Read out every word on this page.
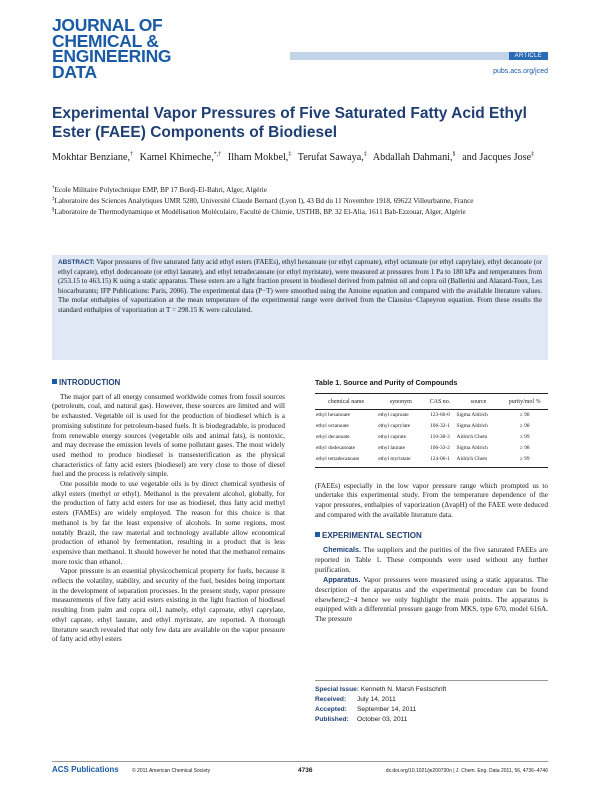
JOURNAL OF
CHEMICAL &
ENGINEERING
DATA
ARTICLE
pubs.acs.org/jced
Experimental Vapor Pressures of Five Saturated Fatty Acid Ethyl Ester (FAEE) Components of Biodiesel
Mokhtar Benziane,† Kamel Khimeche,*,† Ilham Mokbel,‡ Terufat Sawaya,‡ Abdallah Dahmani,§ and Jacques Jose‡

†Ecole Militaire Polytechnique EMP, BP 17 Bordj-El-Bahri, Alger, Algérie

‡Laboratoire des Sciences Analytiques UMR 5280, Université Claude Bernard (Lyon I), 43 Bd du 11 Novembre 1918, 69622 Villeurbanne, France

§Laboratoire de Thermodynamique et Modélisation Moléculaire, Faculté de Chimie, USTHB, BP. 32 El-Alia, 1611 Bab-Ezzouar, Alger, Algérie

ABSTRACT: Vapor pressures of five saturated fatty acid ethyl esters (FAEEs), ethyl hexanoate (or ethyl caproate), ethyl octanoate (or ethyl caprylate), ethyl decanoate (or ethyl caprate), ethyl dodecanoate (or ethyl laurate), and ethyl tetradecanoate (or ethyl myristate), were measured at pressures from 1 Pa to 180 kPa and temperatures from (253.15 to 463.15) K using a static apparatus. These esters are a light fraction present in biodiesel derived from palmist oil and copra oil (Ballerini and Alazard-Toux, Les biocarburants; IFP Publications: Paris, 2006). The experimental data (P−T) were smoothed using the Antoine equation and compared with the available literature values. The molar enthalpies of vaporization at the mean temperature of the experimental range were derived from the Clausius−Clapeyron equation. From these results the standard enthalpies of vaporization at T = 298.15 K were calculated.
INTRODUCTION

The major part of all energy consumed worldwide comes from fossil sources (petroleum, coal, and natural gas). However, these sources are limited and will be exhausted. Vegetable oil is used for the production of biodiesel which is a promising substitute for petroleum-based fuels. It is biodegradable, is produced from renewable energy sources (vegetable oils and animal fats), is nontoxic, and may decrease the emission levels of some pollutant gases. The most widely used method to produce biodiesel is transesterification as the physical characteristics of fatty acid esters (biodiesel) are very close to those of diesel fuel and the process is relatively simple.

One possible mode to use vegetable oils is by direct chemical synthesis of alkyl esters (methyl or ethyl). Methanol is the prevalent alcohol, globally, for the production of fatty acid esters for use as biodiesel, thus fatty acid methyl esters (FAMEs) are widely employed. The reason for this choice is that methanol is by far the least expensive of alcohols. In some regions, most notably Brazil, the raw material and technology available allow economical production of ethanol by fermentation, resulting in a product that is less expensive than methanol. It should however be noted that the methanol remains more toxic than ethanol.

Vapor pressure is an essential physicochemical property for fuels, because it reflects the volatility, stability, and security of the fuel, besides being important in the development of separation processes. In the present study, vapor pressure measurements of five fatty acid esters existing in the light fraction of biodiesel resulting from palm and copra oil,1 namely, ethyl caproate, ethyl caprylate, ethyl caprate, ethyl laurate, and ethyl myristate, are reported. A thorough literature search revealed that only few data are available on the vapor pressure of fatty acid ethyl esters

Table 1. Source and Purity of Compounds
chemical name	synonym	CAS no.	source	purity/mol %
ethyl hexanoate	ethyl caproate	123-66-0	Sigma Aldrich	≥ 98
ethyl octanoate	ethyl caprylate	106-32-1	Sigma Aldrich	≥ 98
ethyl decanoate	ethyl caprate	110-38-3	Aldrich Chem	≥ 99
ethyl dodecanoate	ethyl laurate	106-33-2	Sigma Aldrich	≥ 98
ethyl tetradecanoate	ethyl myristate	124-06-1	Aldrich Chem	≥ 99

(FAEEs) especially in the low vapor pressure range which prompted us to undertake this experimental study. From the temperature dependence of the vapor pressures, enthalpies of vaporization (ΔvapH) of the FAEE were deduced and compared with the available literature data.

EXPERIMENTAL SECTION

Chemicals. The suppliers and the purities of the five saturated FAEEs are reported in Table 1. These compounds were used without any further purification.

Apparatus. Vapor pressures were measured using a static apparatus. The description of the apparatus and the experimental procedure can be found elsewhere;2−4 hence we only highlight the main points. The apparatus is equipped with a differential pressure gauge from MKS, type 670, model 616A. The pressure

Special Issue: Kenneth N. Marsh Festschrift
Received: July 14, 2011
Accepted: September 14, 2011
Published: October 03, 2011
ACS Publications	© 2011 American Chemical Society	4736	dx.doi.org/10.1021/je200730n | J. Chem. Eng. Data 2011, 56, 4736−4746
